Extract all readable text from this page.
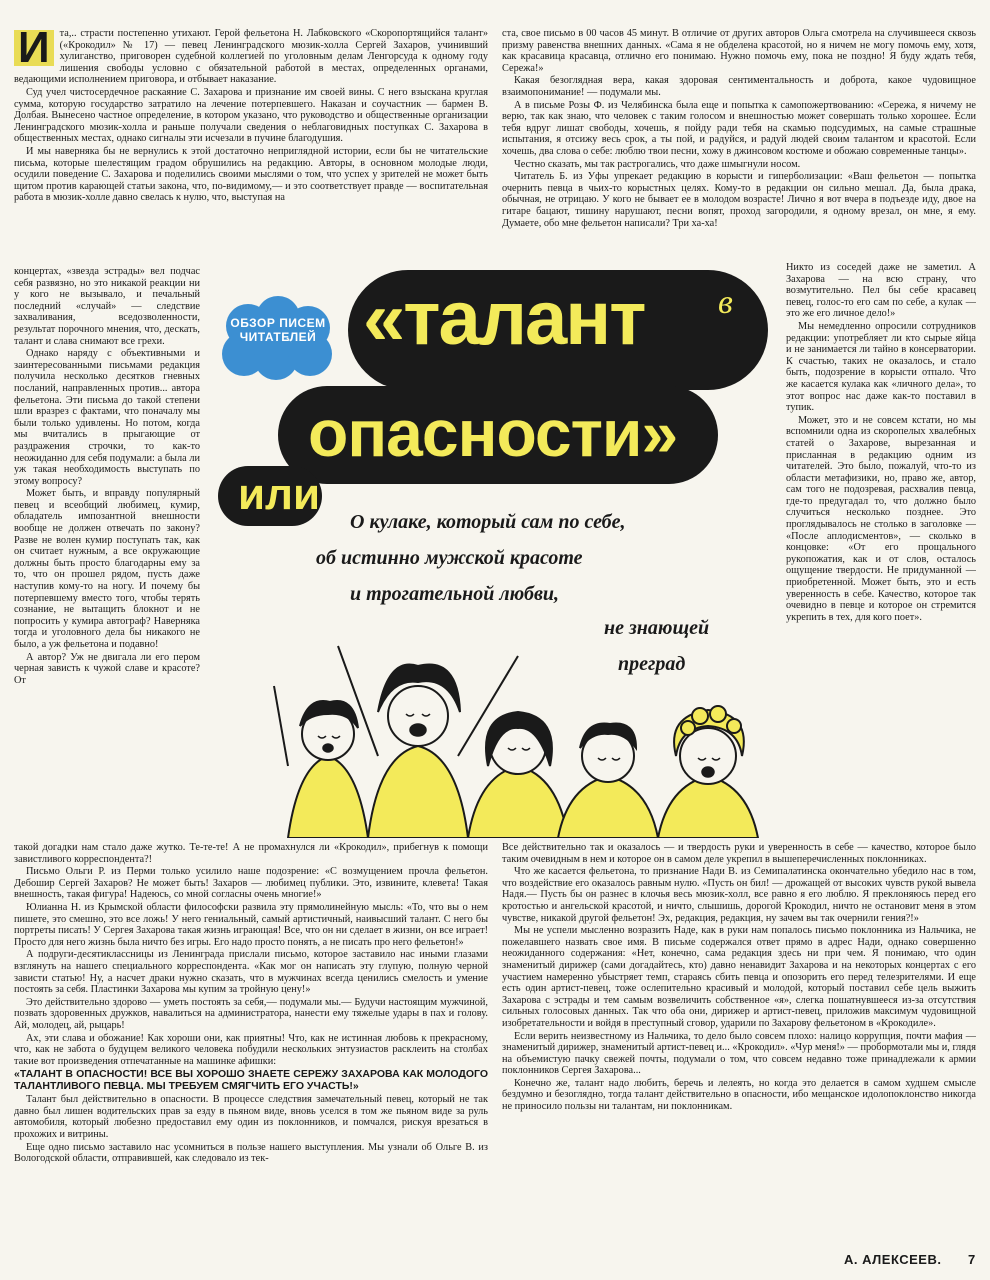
И та,.. страсти постепенно утихают. Герой фельетона Н. Лабковского «Скоропортящийся талант» («Крокодил» № 17) — певец Ленинградского мюзик-холла Сергей Захаров, учинивший хулиганство, приговорен судебной коллегией по уголовным делам Ленгорсуда к одному году лишения свободы условно с обязательной работой в местах, определенных органами, ведающими исполнением приговора, и отбывает наказание.

Суд учел чистосердечное раскаяние С. Захарова и признание им своей вины. С него взыскана круглая сумма, которую государство затратило на лечение потерпевшего. Наказан и соучастник — бармен В. Долбая. Вынесено частное определение, в котором указано, что руководство и общественные организации Ленинградского мюзик-холла и раньше получали сведения о неблаговидных поступках С. Захарова в общественных местах, однако сигналы эти исчезали в пучине благодушия.

И мы наверняка бы не вернулись к этой достаточно неприглядной истории, если бы не читательские письма, которые шелестящим градом обрушились на редакцию. Авторы, в основном молодые люди, осудили поведение С. Захарова и поделились своими мыслями о том, что успех у зрителей не может быть щитом против карающей статьи закона, что, по-видимому,— и это соответствует правде — воспитательная работа в мюзик-холле давно свелась к нулю, что, выступая на

ста, свое письмо в 00 часов 45 минут. В отличие от других авторов Ольга смотрела на случившееся сквозь призму равенства внешних данных. «Сама я не обделена красотой, но я ничем не могу помочь ему, хотя, как красавица красавца, отлично его понимаю. Нужно помочь ему, пока не поздно! Я буду ждать тебя, Сережа!»

Какая безоглядная вера, какая здоровая сентиментальность и доброта, какое чудовищное взаимопонимание! — подумали мы.

А в письме Розы Ф. из Челябинска была еще и попытка к самопожертвованию: «Сережа, я ничему не верю, так как знаю, что человек с таким голосом и внешностью может совершать только хорошее. Если тебя вдруг лишат свободы, хочешь, я пойду ради тебя на скамью подсудимых, на самые страшные испытания, я отсижу весь срок, а ты пой, и радуйся, и радуй людей своим талантом и красотой. Если хочешь, два слова о себе: люблю твои песни, хожу в джинсовом костюме и обожаю современные танцы».

Честно сказать, мы так растрогались, что даже шмыгнули носом.

Читатель Б. из Уфы упрекает редакцию в корысти и гиперболизации: «Ваш фельетон — попытка очернить певца в чьих-то корыстных целях. Кому-то в редакции он сильно мешал. Да, была драка, обычная, не отрицаю. У кого не бывает ее в молодом возрасте! Лично я вот вчера в подъезде иду, двое на гитаре бацают, тишину нарушают, песни вопят, проход загородили, я одному врезал, он мне, я ему. Думаете, обо мне фельетон написали? Три ха-ха!

концертах, «звезда эстрады» вел подчас себя развязно, но это никакой реакции ни у кого не вызывало, и печальный последний «случай» — следствие захваливания, вседозволенности, результат порочного мнения, что, дескать, талант и слава снимают все грехи.

Однако наряду с объективными и заинтересованными письмами редакция получила несколько десятков гневных посланий, направленных против... автора фельетона. Эти письма до такой степени шли вразрез с фактами, что поначалу мы были только удивлены. Но потом, когда мы вчитались в прыгающие от раздражения строчки, то как-то неожиданно для себя подумали: а была ли уж такая необходимость выступать по этому вопросу?

Может быть, и вправду популярный певец и всеобщий любимец, кумир, обладатель импозантной внешности вообще не должен отвечать по закону? Разве не волен кумир поступать так, как он считает нужным, а все окружающие должны быть просто благодарны ему за то, что он прошел рядом, пусть даже наступив кому-то на ногу. И почему бы потерпевшему вместо того, чтобы терять сознание, не вытащить блокнот и не попросить у кумира автограф? Наверняка тогда и уголовного дела бы никакого не было, а уж фельетона и подавно!

А автор? Уж не двигала ли его пером черная зависть к чужой славе и красоте? От

ОБЗОР ПИСЕМ ЧИТАТЕЛЕЙ «талант в
опасности»
или
О кулаке, который сам по себе,
об истинно мужской красоте
и трогательной любви,
не знающей
преград

Никто из соседей даже не заметил. А Захарова — на всю страну, что возмутительно. Пел бы себе красавец певец, голос-то его сам по себе, а кулак — это же его личное дело!»

Мы немедленно опросили сотрудников редакции: употребляет ли кто сырые яйца и не занимается ли тайно в консерватории. К счастью, таких не оказалось, и стало быть, подозрение в корысти отпало. Что же касается кулака как «личного дела», то этот вопрос нас даже как-то поставил в тупик.

Может, это и не совсем кстати, но мы вспомнили одна из скоропелых хвалебных статей о Захарове, вырезанная и присланная в редакцию одним из читателей. Это было, пожалуй, что-то из области метафизики, но, право же, автор, сам того не подозревая, расхвалив певца, где-то предугадал то, что должно было случиться несколько позднее. Это проглядывалось не столько в заголовке — «После аплодисментов», — сколько в концовке: «От его прощального рукопожатия, как и от слов, осталось ощущение твердости. Не придуманной — приобретенной. Может быть, это и есть уверенность в себе. Качество, которое так очевидно в певце и которое он стремится укрепить в тех, для кого поет».

такой догадки нам стало даже жутко. Те-те-те! А не промахнулся ли «Крокодил», прибегнув к помощи завистливого корреспондента?!

Письмо Ольги Р. из Перми только усилило наше подозрение: «С возмущением прочла фельетон. Дебошир Сергей Захаров? Не может быть! Захаров — любимец публики. Это, извините, клевета! Такая внешность, такая фигура! Надеюсь, со мной согласны очень многие!»

Юлианна Н. из Крымской области философски развила эту прямолинейную мысль: «То, что вы о нем пишете, это смешно, это все ложь! У него гениальный, самый артистичный, наивысший талант. С него бы портреты писать! У Сергея Захарова такая жизнь играющая! Все, что он ни сделает в жизни, он все играет! Просто для него жизнь была ничто без игры. Его надо просто понять, а не писать про него фельетон!»

А подруги-десятиклассницы из Ленинграда прислали письмо, которое заставило нас иными глазами взглянуть на нашего специального корреспондента. «Как мог он написать эту глупую, полную черной зависти статью! Ну, а насчет драки нужно сказать, что в мужчинах всегда ценились смелость и умение постоять за себя. Пластинки Захарова мы купим за тройную цену!»

Это действительно здорово — уметь постоять за себя,— подумали мы.— Будучи настоящим мужчиной, позвать здоровенных дружков, навалиться на администратора, нанести ему тяжелые удары в пах и голову. Ай, молодец, ай, рыцарь!

Ах, эти слава и обожание! Как хороши они, как приятны! Что, как не истинная любовь к прекрасному, что, как не забота о будущем великого человека побудили нескольких энтузиастов расклеить на столбах такие вот произведения отпечатанные на машинке афишки:

«ТАЛАНТ В ОПАСНОСТИ! ВСЕ ВЫ ХОРОШО ЗНАЕТЕ СЕРЕЖУ ЗАХАРОВА КАК МОЛОДОГО ТАЛАНТЛИВОГО ПЕВЦА. МЫ ТРЕБУЕМ СМЯГЧИТЬ ЕГО УЧАСТЬ!»

Талант был действительно в опасности. В процессе следствия замечательный певец, который не так давно был лишен водительских прав за езду в пьяном виде, вновь уселся в том же пьяном виде за руль автомобиля, который любезно предоставил ему один из поклонников, и помчался, рискуя врезаться в прохожих и витрины.

Еще одно письмо заставило нас усомниться в пользе нашего выступления. Мы узнали об Ольге В. из Вологодской области, отправившей, как следовало из тек-

Все действительно так и оказалось — и твердость руки и уверенность в себе — качество, которое было таким очевидным в нем и которое он в самом деле укрепил в вышеперечисленных поклонниках.

Что же касается фельетона, то признание Нади В. из Семипалатинска окончательно убедило нас в том, что воздействие его оказалось равным нулю. «Пусть он бил! — дрожащей от высоких чувств рукой вывела Надя.— Пусть бы он разнес в клочья весь мюзик-холл, все равно я его люблю. Я преклоняюсь перед его кротостью и ангельской красотой, и ничто, слышишь, дорогой Крокодил, ничто не остановит меня в этом чувстве, никакой другой фельетон! Эх, редакция, редакция, ну зачем вы так очернили гения?!»

Мы не успели мысленно возразить Наде, как в руки нам попалось письмо поклонника из Нальчика, не пожелавшего назвать свое имя. В письме содержался ответ прямо в адрес Нади, однако совершенно неожиданного содержания: «Нет, конечно, сама редакция здесь ни при чем. Я понимаю, что один знаменитый дирижер (сами догадайтесь, кто) давно ненавидит Захарова и на некоторых концертах с его участием намеренно убыстряет темп, стараясь сбить певца и опозорить его перед телезрителями. И еще есть один артист-певец, тоже ослепительно красивый и молодой, который поставил себе цель выжить Захарова с эстрады и тем самым возвеличить собственное «я», слегка пошатнувшееся из-за отсутствия сильных голосовых данных. Так что оба они, дирижер и артист-певец, приложив максимум чудовищной изобретательности и войдя в преступный сговор, ударили по Захарову фельетоном в «Крокодиле».

Если верить неизвестному из Нальчика, то дело было совсем плохо: налицо коррупция, почти мафия — знаменитый дирижер, знаменитый артист-певец и... «Крокодил». «Чур меня!» — пробормотали мы и, глядя на объемистую пачку свежей почты, подумали о том, что совсем недавно тоже принадлежали к армии поклонников Сергея Захарова...

Конечно же, талант надо любить, беречь и лелеять, но когда это делается в самом худшем смысле бездумно и безоглядно, тогда талант действительно в опасности, ибо мещанское идолопоклонство никогда не приносило пользы ни талантам, ни поклонникам.

А. АЛЕКСЕЕВ. 7
